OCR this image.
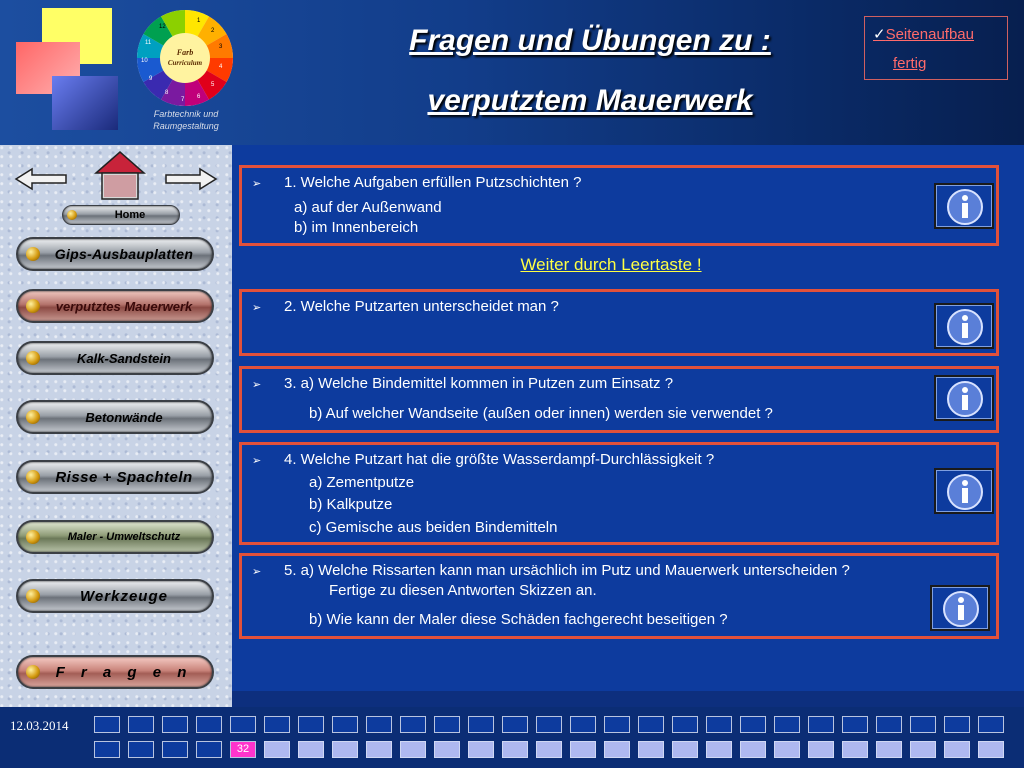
1
2
3
4
5
6
7
8
9
10
11
12
Farb
Curriculum
Farbtechnik und
Raumgestaltung
Fragen und Übungen zu :
verputztem Mauerwerk
✓Seitenaufbau
fertig
Home
Gips-Ausbauplatten
verputztes Mauerwerk
Kalk-Sandstein
Betonwände
Risse + Spachteln
Maler - Umweltschutz
Werkzeuge
F r a g e n
➢ 1. Welche Aufgaben erfüllen Putzschichten ?
a) auf der Außenwand
b) im Innenbereich
Weiter durch Leertaste !
➢ 2. Welche Putzarten unterscheidet man ?
➢ 3. a) Welche Bindemittel kommen in Putzen zum Einsatz ?
b) Auf welcher Wandseite (außen oder innen) werden sie verwendet ?
➢ 4. Welche Putzart hat die größte Wasserdampf-Durchlässigkeit ?
a) Zementputze
b) Kalkputze
c) Gemische aus beiden Bindemitteln
➢ 5. a) Welche Rissarten kann man ursächlich im Putz und Mauerwerk unterscheiden ?
Fertige zu diesen Antworten Skizzen an.
b) Wie kann der Maler diese Schäden fachgerecht beseitigen ?
12.03.2014
32
